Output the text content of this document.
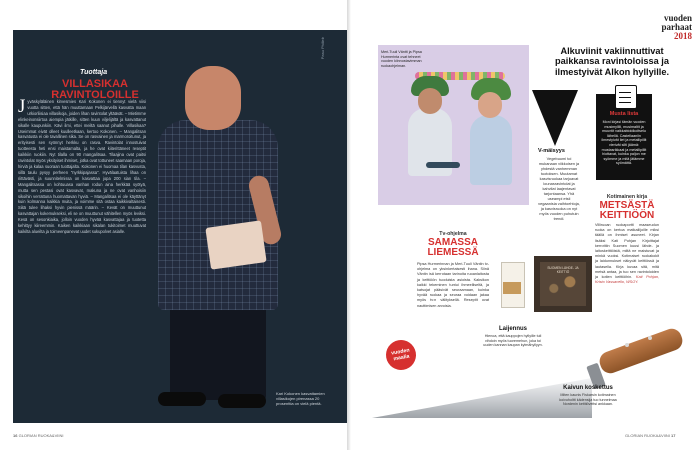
Pasu Philleb
Tuottaja
VILLASIKAA RAVINTOLOILLE
Jyväskyläläinen kirvesmies Kari Kokonen ei tiennyt vielä viisi vuotta sitten, että hän muuttamaan Pelkijärvellä kasvatta maan urkiorliisiaa villasikoja, joiden lihan ravintolat yltäävät. – Mietimme elinkeinonsiirtoa aiempia jätkille, sitten kuun viljelijältä ja kasvattanut sikalle kaupunkiin. Kävi ilmi, ettei meiltä saanut pihalle. Villasikaa? Useimmat eivät olleet kuulleetkaan, kertoo Kokonen. – Mangalitsan kasvatusta ei ole tavallinen sika. Se on rasvainen ja marmoroitunut, ja erityisesti sen syönnyt herkku on rasva. Ravintolat innostuivat tuotteesta heti ensi maistamalta, ja he ovat kiiterittäneet reseptit kaikkiin ruokiin. Nyt tilalla on 90 mangalitsaa. Tilaajina ovat paitsi ravintolat myös yksityiset ihmiset, jotka ovat tottuneet saamaan poroja, hirviä ja kalaa suoraan tuottajalta. Kokonen ei huomaa tilan kasvusta, sillä taulu pysyy perheen "nyrkkipajassa". Hyvälaatuista lihaa on riittävästi, ja suunnitelmissa on kasvattaa jopa 200 sian tila. – Mangalitsassa on kohtuuasa vanhan rodun aina herkkää syötyä, mutta sen pestasi ovat kasvavat, makuna ja ne ovat vanhoisiin sikoihin verrattuna huomattavan hyviä. – Mangalitsaa ei ole käyttänyt kuin kolmanna kaikkia muita, ja voimme sitä ostaa kaikkivaltaisesti. Siitä tulee lihaksi hyvin pienissä määrin. – Kevät on muuttunut kasvattajan kokemukseksi, eli se on muuttunut vähitellen myös leviksi. Kesä on sesonkiaika, jolloin vuoden hyvää kasvattajaa ja tuotetta kehittyy kiireemmin. Kaiken kaikkiaan sikalan tukitoimet muuttuvat kaikilta alueilta ja toimeenpanevat uudet sukupolvet asialle.
Kari Kokonen kasvattamien villasikojen pirenassa 20 prosenttia on vielä pientä.
16 GLORIAN RUOKA&VIINI
vuoden
parhaat
2018
Meri-Tuuli Väntti ja Pipsa Hurmerinta ovat tehneet vuoden kiinnostavimman ruokaohjelman.
Alkuviinit vakiinnuttivat paikkansa ravintoloissa ja ilmestyivät Alkon hyllyille.
V-mäisyys
Vegebuumi toi mukanaan viikkoisen ja yhdestä vanhemman tuotoksen. Muutamat kasvisruokaa tarjoavat lounasravintolat ja kahvilat laajentavat tarjontaansa. Yhä useampi etsii vegaanisia vaihtoehtoja, ja kasvisruoka on nyt myös vuoden puhutuin trendi.
Musta lista
Moni kirjasi tämän vuoden musimyllili, musimaltit ja muuntit vaikkabioldkoitselu lähellä. Castellaaniin ilmestyivät liet ja metallipillit vierivät silti jäämä: mustasrikkaat ja metallipillit hiottavat, kuinka paljon me syömme ja mitä jätämme syömättä.
Kotimainen kirja
METSÄSTÄ KEITTIÖÖN
Villiruoan ruokaportti maaseudun ruoka on kertoa matkailijoille miksi täällä on ihmiset asuneet. Kirjan lisäksi Kati Pohjan Kirjoittajat kerrottiin Suomen kuusi lähde- ja laitoskeittiöistä, miltä ne maistuvat ja minkä vuoksi. Kotimaiset ruokakokit ja laidunnukset näkyvät keittiössä ja lautasella. Kirja kuvaa sitä, mitä metsä antaa, ja tuo sen ravintoloiden ja kotien keittiöihin. Kati Pohjan, Kristo Vassavello, WSOY.
Tv-ohjelma
SAMASSA LIEMESSÄ
Pipsa Hurmerinnan ja Meri-Tuuli Väntin tv-ohjelma on yksinkertaisesti ihana. Siinä Väntin isä kerrotaan tarinoita ruoanlaitosta ja keittiöön tuoduista asioista. Kaksikon kaikki tekeminen tuntui ihmeelliseltä, ja katsojat pääsivät seuraamaan, kuinka hyvää ruokaa ja seuraa voidaan jakaa myös tv:n välityksellä. Reseptit ovat nauttimisen arvoisia.
SUOMEN LÄHDE- JA KEITTIÖ
Laijennus
Hienoa, että kauppojen hyllyille tuli vihdoin myös tuoremehun, joka toi uuden kannan kaupan kylmähyllyyn.
vuoden maalia
Kaivun koskettus
Miten kaunis Fiskarsin kotimainen koivuholtti kädensija tuo tunnelmaa Nordenin keittiöveitsi ankkaan.
GLORIAN RUOKA&VIINI 17
